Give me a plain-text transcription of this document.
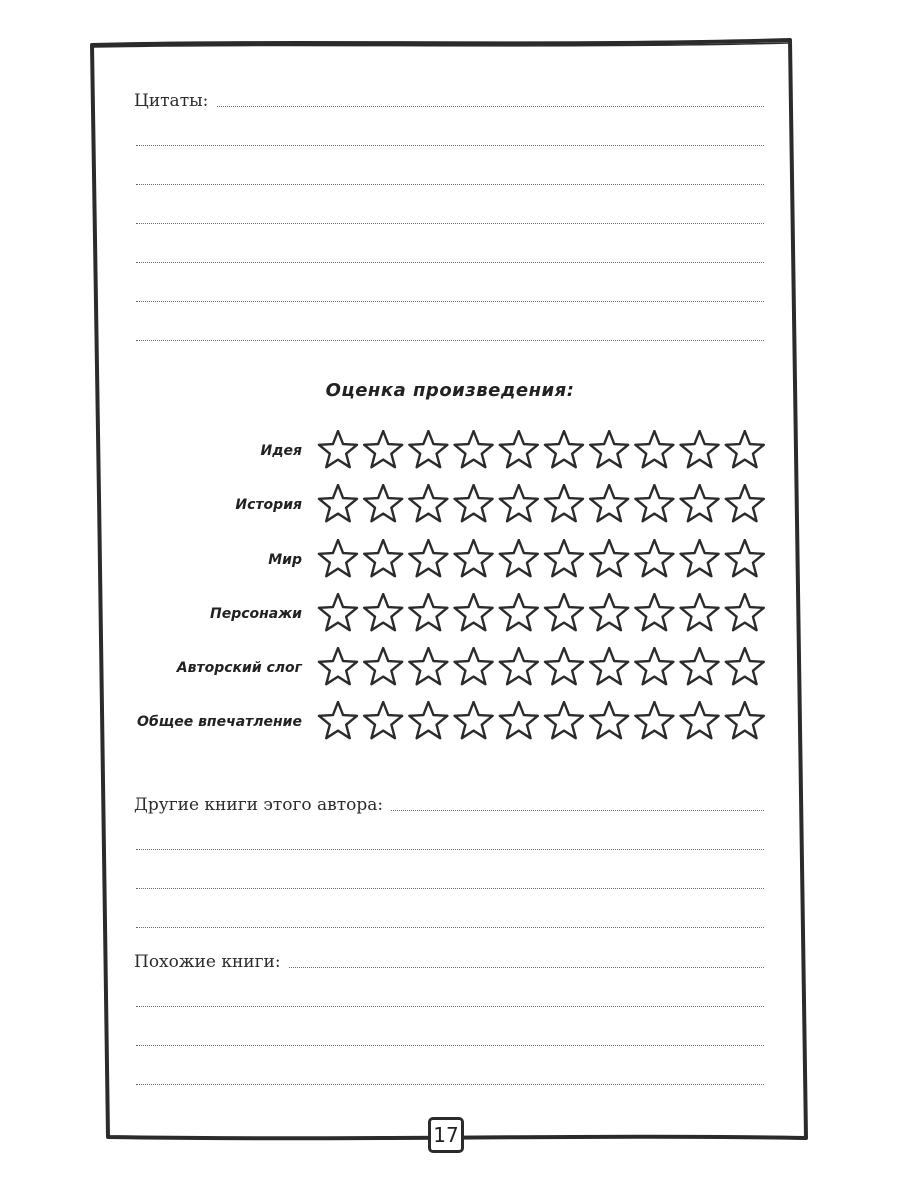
Цитаты:
Оценка произведения:
Идея
История
Мир
Персонажи
Авторский слог
Общее впечатление
Другие книги этого автора:
Похожие книги:
17
